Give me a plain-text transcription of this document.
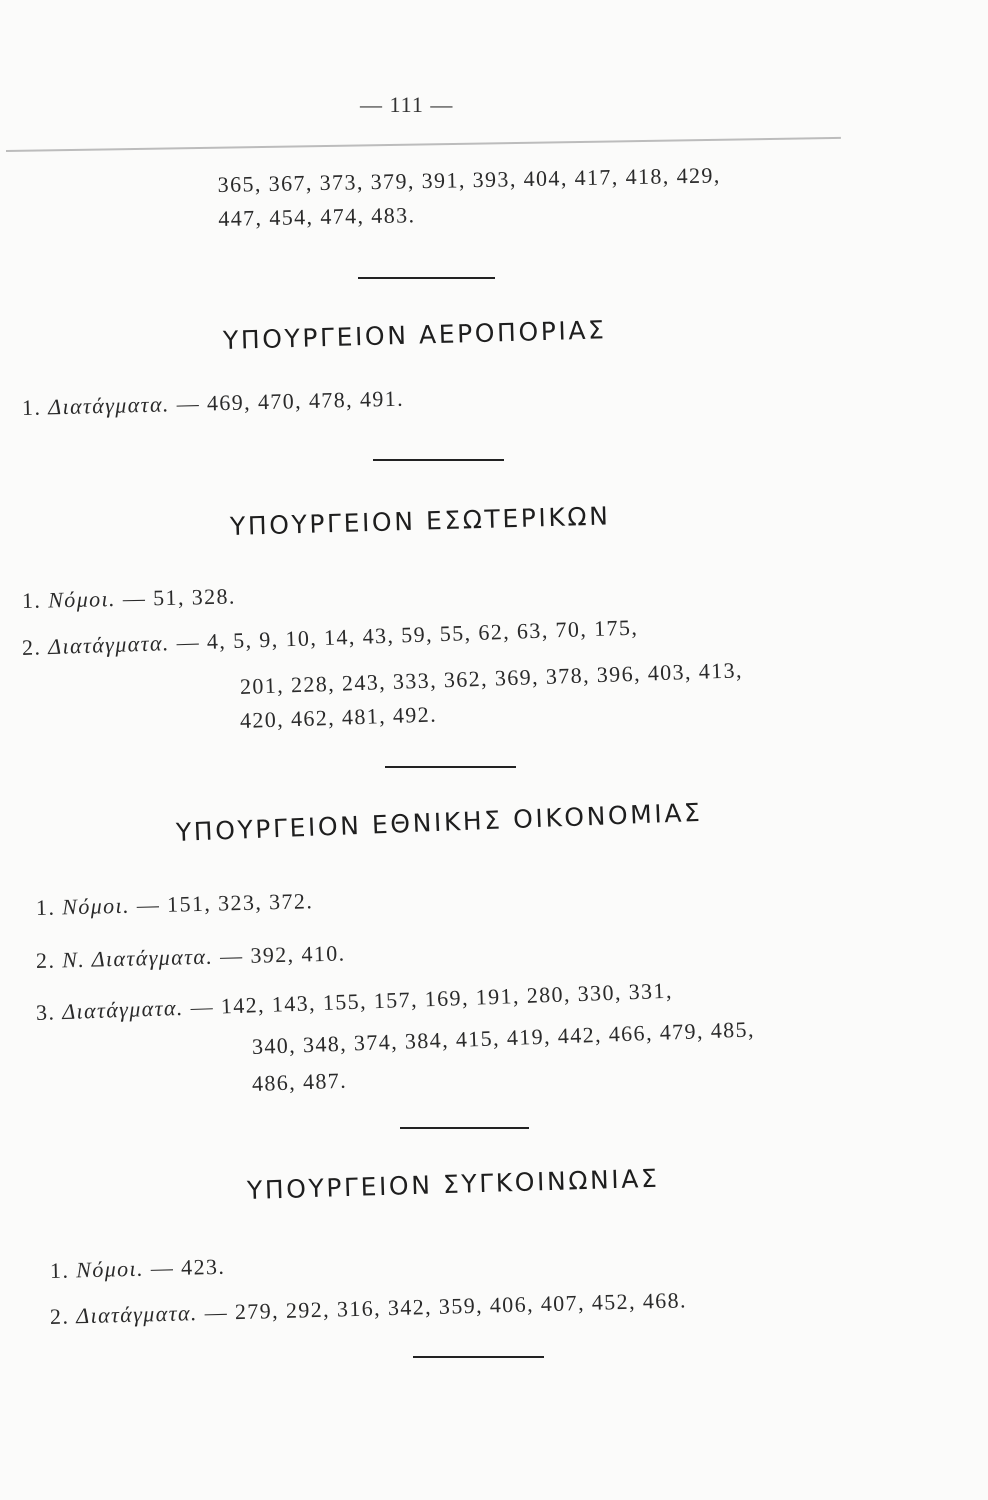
— 111 —
365, 367, 373, 379, 391, 393, 404, 417, 418, 429,
447, 454, 474, 483.
ΥΠΟΥΡΓΕΙΟΝ ΑΕΡΟΠΟΡΙΑΣ
1. Διατάγματα. — 469, 470, 478, 491.
ΥΠΟΥΡΓΕΙΟΝ ΕΣΩΤΕΡΙΚΩΝ
1. Νόμοι. — 51, 328.
2. Διατάγματα. — 4, 5, 9, 10, 14, 43, 59, 55, 62, 63, 70, 175,
201, 228, 243, 333, 362, 369, 378, 396, 403, 413,
420, 462, 481, 492.
ΥΠΟΥΡΓΕΙΟΝ ΕΘΝΙΚΗΣ ΟΙΚΟΝΟΜΙΑΣ
1. Νόμοι. — 151, 323, 372.
2. Ν. Διατάγματα. — 392, 410.
3. Διατάγματα. — 142, 143, 155, 157, 169, 191, 280, 330, 331,
340, 348, 374, 384, 415, 419, 442, 466, 479, 485,
486, 487.
ΥΠΟΥΡΓΕΙΟΝ ΣΥΓΚΟΙΝΩΝΙΑΣ
1. Νόμοι. — 423.
2. Διατάγματα. — 279, 292, 316, 342, 359, 406, 407, 452, 468.
